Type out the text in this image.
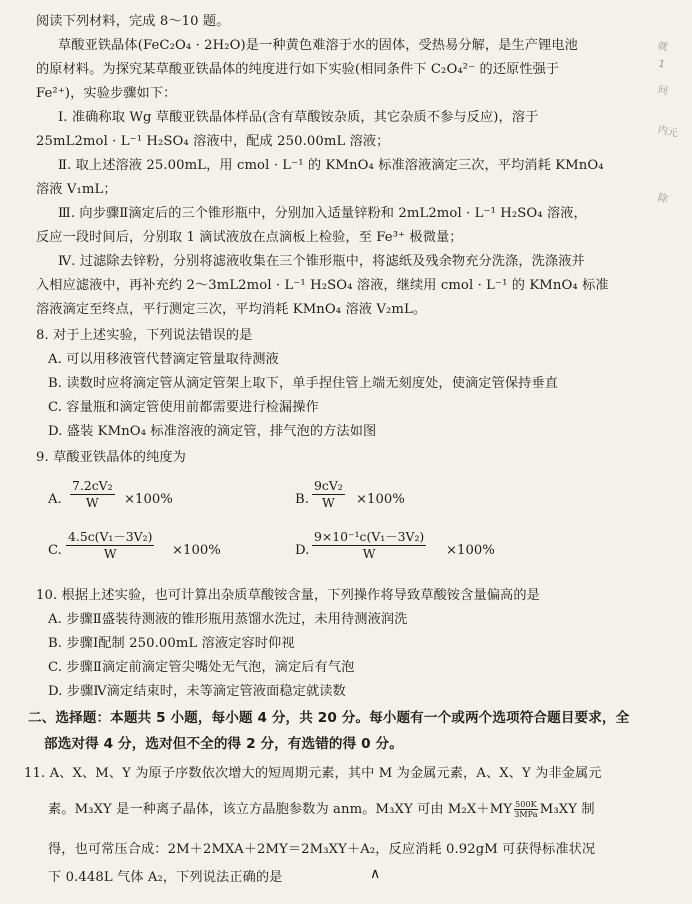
阅读下列材料，完成 8～10 题。
草酸亚铁晶体(FeC₂O₄ · 2H₂O)是一种黄色难溶于水的固体，受热易分解，是生产锂电池
的原材料。为探究某草酸亚铁晶体的纯度进行如下实验(相同条件下 C₂O₄²⁻ 的还原性强于
Fe²⁺)，实验步骤如下：
Ⅰ. 准确称取 Wg 草酸亚铁晶体样品(含有草酸铵杂质，其它杂质不参与反应)，溶于
25mL2mol · L⁻¹ H₂SO₄ 溶液中，配成 250.00mL 溶液；
Ⅱ. 取上述溶液 25.00mL，用 cmol · L⁻¹ 的 KMnO₄ 标准溶液滴定三次，平均消耗 KMnO₄
溶液 V₁mL；
Ⅲ. 向步骤Ⅱ滴定后的三个锥形瓶中，分别加入适量锌粉和 2mL2mol · L⁻¹ H₂SO₄ 溶液，
反应一段时间后，分别取 1 滴试液放在点滴板上检验，至 Fe³⁺ 极微量；
Ⅳ. 过滤除去锌粉，分别将滤液收集在三个锥形瓶中，将滤纸及残余物充分洗涤，洗涤液并
入相应滤液中，再补充约 2～3mL2mol · L⁻¹ H₂SO₄ 溶液，继续用 cmol · L⁻¹ 的 KMnO₄ 标准
溶液滴定至终点，平行测定三次，平均消耗 KMnO₄ 溶液 V₂mL。
8. 对于上述实验，下列说法错误的是
A. 可以用移液管代替滴定管量取待测液
B. 读数时应将滴定管从滴定管架上取下，单手捏住管上端无刻度处，使滴定管保持垂直
C. 容量瓶和滴定管使用前都需要进行检漏操作
D. 盛装 KMnO₄ 标准溶液的滴定管，排气泡的方法如图
9. 草酸亚铁晶体的纯度为
A. $\frac{\text{7.2cV₂}}{W} \times 100\%$	B. $\frac{\text{9cV₂}}{W} \times 100\%$
C. $\frac{\text{4.5c(V₁－3V₂)}}{W} \times 100\%$	D. $\frac{\text{9×10⁻¹c(V₁－3V₂)}}{W} \times 100\%$
10. 根据上述实验，也可计算出杂质草酸铵含量，下列操作将导致草酸铵含量偏高的是
A. 步骤Ⅱ盛装待测液的锥形瓶用蒸馏水洗过，未用待测液润洗
B. 步骤Ⅰ配制 250.00mL 溶液定容时仰视
C. 步骤Ⅱ滴定前滴定管尖嘴处无气泡，滴定后有气泡
D. 步骤Ⅳ滴定结束时，未等滴定管液面稳定就读数
二、选择题：本题共 5 小题，每小题 4 分，共 20 分。每小题有一个或两个选项符合题目要求，全
部选对得 4 分，选对但不全的得 2 分，有选错的得 0 分。
11. A、X、M、Y 为原子序数依次增大的短周期元素，其中 M 为金属元素，A、X、Y 为非金属元
素。M₃XY 是一种离子晶体，该立方晶胞参数为 anm。M₃XY 可由 M₂X＋MY 500K
3MPa M₃XY 制
得，也可常压合成：2M＋2MXA＋2MY＝2M₃XY＋A₂，反应消耗 0.92gM 可获得标准状况
下 0.448L 气体 A₂，下列说法正确的是	∧
就
1
问
内元
除
